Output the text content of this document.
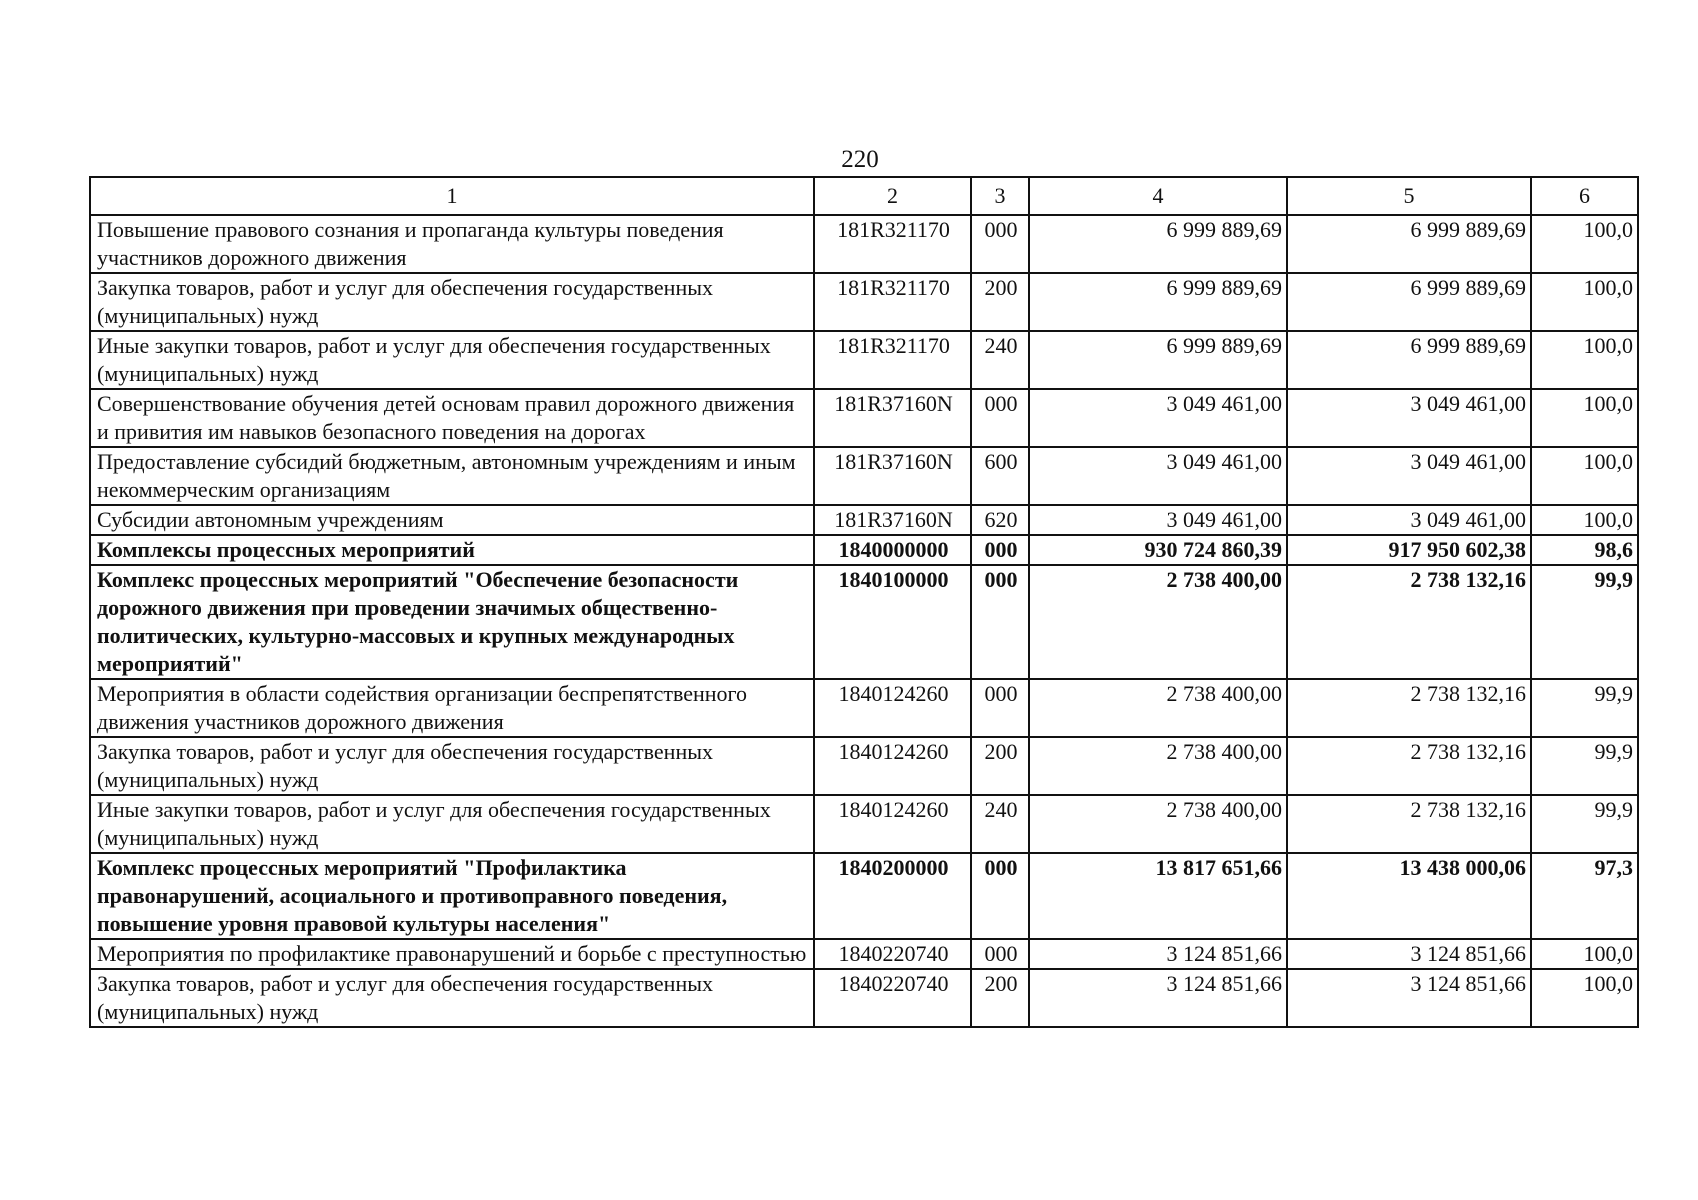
220
1	2	3	4	5	6
Повышение правового сознания и пропаганда культуры поведения участников дорожного движения	181R321170	000	6 999 889,69	6 999 889,69	100,0
Закупка товаров, работ и услуг для обеспечения государственных (муниципальных) нужд	181R321170	200	6 999 889,69	6 999 889,69	100,0
Иные закупки товаров, работ и услуг для обеспечения государственных (муниципальных) нужд	181R321170	240	6 999 889,69	6 999 889,69	100,0
Совершенствование обучения детей основам правил дорожного движения и привития им навыков безопасного поведения на дорогах	181R37160N	000	3 049 461,00	3 049 461,00	100,0
Предоставление субсидий бюджетным, автономным учреждениям и иным некоммерческим организациям	181R37160N	600	3 049 461,00	3 049 461,00	100,0
Субсидии автономным учреждениям	181R37160N	620	3 049 461,00	3 049 461,00	100,0
Комплексы процессных мероприятий	1840000000	000	930 724 860,39	917 950 602,38	98,6
Комплекс процессных мероприятий "Обеспечение безопасности дорожного движения при проведении значимых общественно-политических, культурно-массовых и крупных международных мероприятий"	1840100000	000	2 738 400,00	2 738 132,16	99,9
Мероприятия в области содействия организации беспрепятственного движения участников дорожного движения	1840124260	000	2 738 400,00	2 738 132,16	99,9
Закупка товаров, работ и услуг для обеспечения государственных (муниципальных) нужд	1840124260	200	2 738 400,00	2 738 132,16	99,9
Иные закупки товаров, работ и услуг для обеспечения государственных (муниципальных) нужд	1840124260	240	2 738 400,00	2 738 132,16	99,9
Комплекс процессных мероприятий "Профилактика правонарушений, асоциального и противоправного поведения, повышение уровня правовой культуры населения"	1840200000	000	13 817 651,66	13 438 000,06	97,3
Мероприятия по профилактике правонарушений и борьбе с преступностью	1840220740	000	3 124 851,66	3 124 851,66	100,0
Закупка товаров, работ и услуг для обеспечения государственных (муниципальных) нужд	1840220740	200	3 124 851,66	3 124 851,66	100,0
